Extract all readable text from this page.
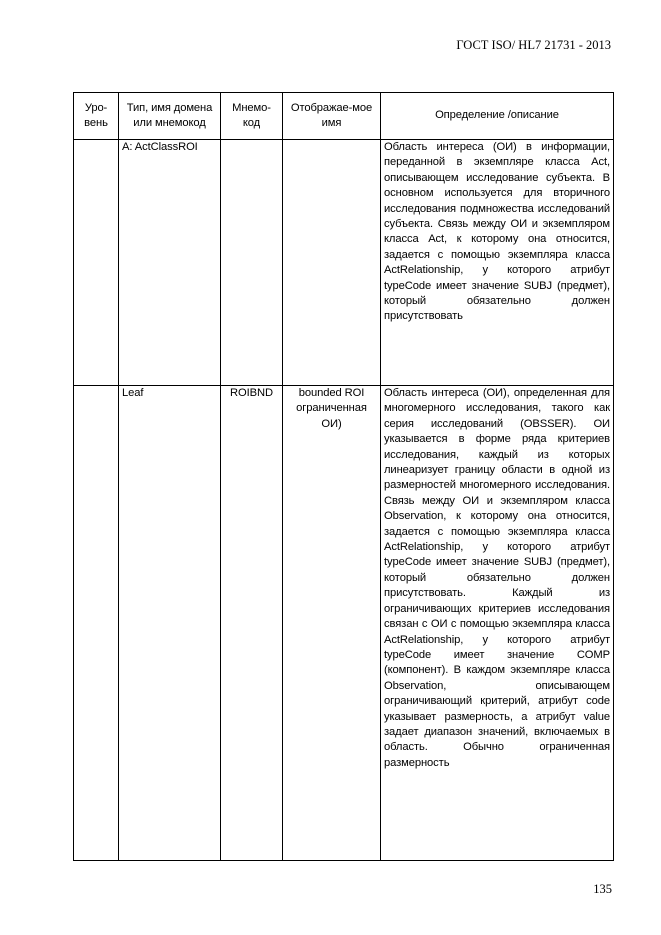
ГОСТ ISO/ HL7 21731 - 2013
Уро-вень	Тип, имя домена или мнемокод	Мнемо-код	Отображае-мое имя	Определение /описание
	A: ActClassROI			Область интереса (ОИ) в информации, переданной в экземпляре класса Act, описывающем исследование субъекта. В основном используется для вторичного исследования подмножества исследований субъекта. Связь между ОИ и экземпляром класса Act, к которому она относится, задается с помощью экземпляра класса ActRelationship, у которого атрибут typeCode имеет значение SUBJ (предмет), который обязательно должен присутствовать
	Leaf	ROIBND	bounded ROI ограниченная ОИ)	Область интереса (ОИ), определенная для многомерного исследования, такого как серия исследований (OBSSER). ОИ указывается в форме ряда критериев исследования, каждый из которых линеаризует границу области в одной из размерностей многомерного исследования. Связь между ОИ и экземпляром класса Observation, к которому она относится, задается с помощью экземпляра класса ActRelationship, у которого атрибут typeCode имеет значение SUBJ (предмет), который обязательно должен присутствовать. Каждый из ограничивающих критериев исследования связан с ОИ с помощью экземпляра класса ActRelationship, у которого атрибут typeCode имеет значение COMP (компонент). В каждом экземпляре класса Observation, описывающем ограничивающий критерий, атрибут code указывает размерность, а атрибут value задает диапазон значений, включаемых в область. Обычно ограниченная размерность
135
